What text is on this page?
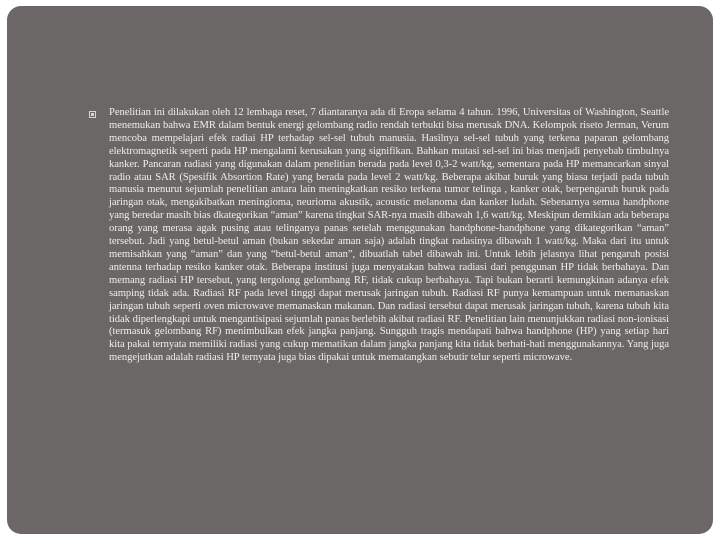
Penelitian ini dilakukan oleh 12 lembaga reset, 7 diantaranya ada di Eropa selama 4 tahun. 1996, Universitas of Washington, Seattle menemukan bahwa EMR dalam bentuk energi gelombang radio rendah terbukti bisa merusak DNA. Kelompok riseto Jerman, Verum mencoba mempelajari efek radiai HP terhadap sel-sel tubuh manusia. Hasilnya sel-sel tubuh yang terkena paparan gelombang elektromagnetik seperti pada HP mengalami kerusakan yang signifikan. Bahkan mutasi sel-sel ini bias menjadi penyebab timbulnya kanker. Pancaran radiasi yang digunakan dalam penelitian berada pada level 0,3-2 watt/kg, sementara pada HP memancarkan sinyal radio atau SAR (Spesifik Absortion Rate) yang berada pada level 2 watt/kg. Beberapa akibat buruk yang biasa terjadi pada tubuh manusia menurut sejumlah penelitian antara lain meningkatkan resiko terkena tumor telinga , kanker otak, berpengaruh buruk pada jaringan otak, mengakibatkan meningioma, neurioma akustik, acoustic melanoma dan kanker ludah. Sebenarnya semua handphone yang beredar masih bias dkategorikan “aman” karena tingkat SAR-nya masih dibawah 1,6 watt/kg. Meskipun demikian ada beberapa orang yang merasa agak pusing atau telinganya panas setelah menggunakan handphone-handphone yang dikategorikan “aman” tersebut. Jadi yang betul-betul aman (bukan sekedar aman saja) adalah tingkat radasinya dibawah 1 watt/kg. Maka dari itu untuk memisahkan yang “aman” dan yang “betul-betul aman”, dibuatlah tabel dibawah ini. Untuk lebih jelasnya lihat pengaruh posisi antenna terhadap resiko kanker otak. Beberapa institusi juga menyatakan bahwa radiasi dari penggunan HP tidak berbahaya. Dan memang radiasi HP tersebut, yang tergolong gelombang RF, tidak cukup berbahaya. Tapi bukan berarti kemungkinan adanya efek samping tidak ada. Radiasi RF pada level tinggi dapat merusak jaringan tubuh. Radiasi RF punya kemampuan untuk memanaskan jaringan tubuh seperti oven microwave memanaskan makanan. Dan radiasi tersebut dapat merusak jaringan tubuh, karena tubuh kita tidak diperlengkapi untuk mengantisipasi sejumlah panas berlebih akibat radiasi RF. Penelitian lain menunjukkan radiasi non-ionisasi (termasuk gelombang RF) menimbulkan efek jangka panjang. Sungguh tragis mendapati bahwa handphone (HP) yang setiap hari kita pakai ternyata memiliki radiasi yang cukup mematikan dalam jangka panjang kita tidak berhati-hati menggunakannya. Yang juga mengejutkan adalah radiasi HP ternyata juga bias dipakai untuk mematangkan sebutir telur seperti microwave.
